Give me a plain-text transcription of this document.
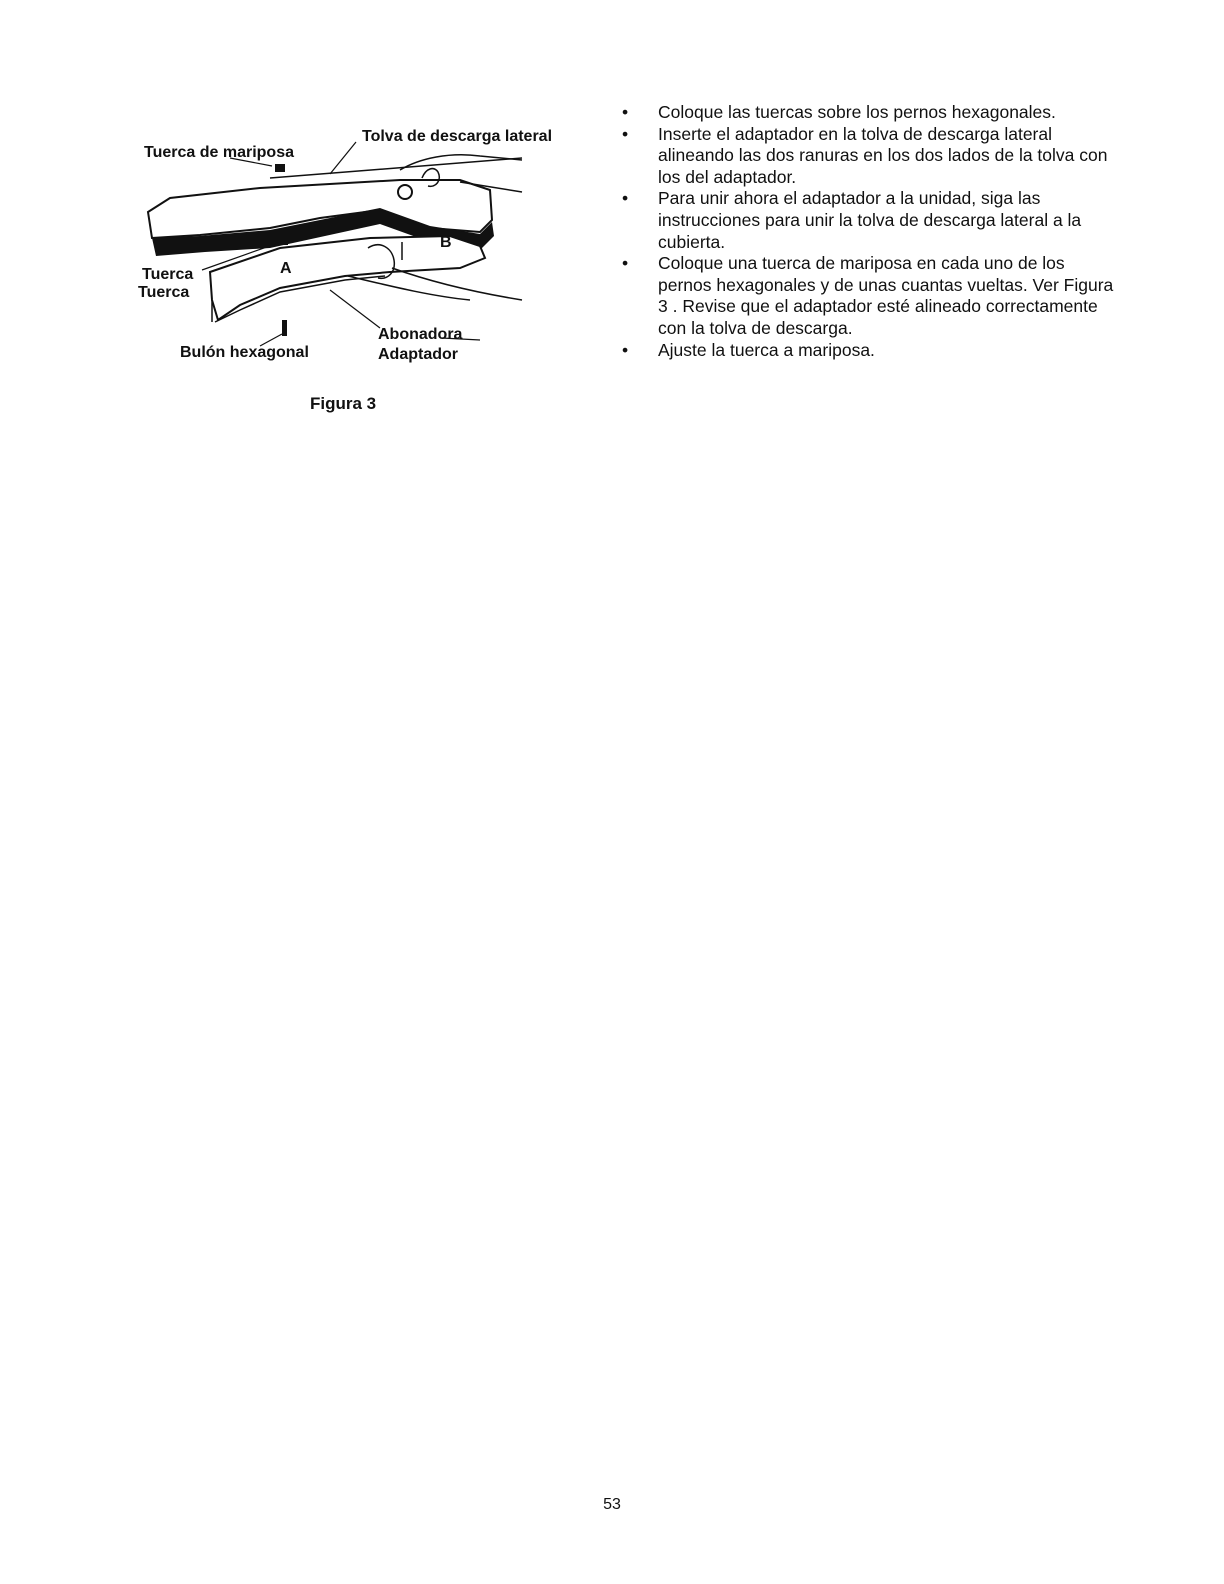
Tuerca de mariposa
Tolva de descarga lateral
Tuerca
Tuerca
A
B
Bulón hexagonal
Abonadora
Adaptador
Figura 3
• Coloque las tuercas sobre los pernos hexagonales.
• Inserte el adaptador en la tolva de descarga lateral alineando las dos ranuras en los dos lados de la tolva con los del adaptador.
• Para unir ahora el adaptador a la unidad, siga las instrucciones para unir la tolva de descarga lateral a la cubierta.
• Coloque una tuerca de mariposa en cada uno de los pernos hexagonales y de unas cuantas vueltas. Ver Figura 3 . Revise que el adaptador esté alineado correctamente con la tolva de descarga.
• Ajuste la tuerca a mariposa.
53
